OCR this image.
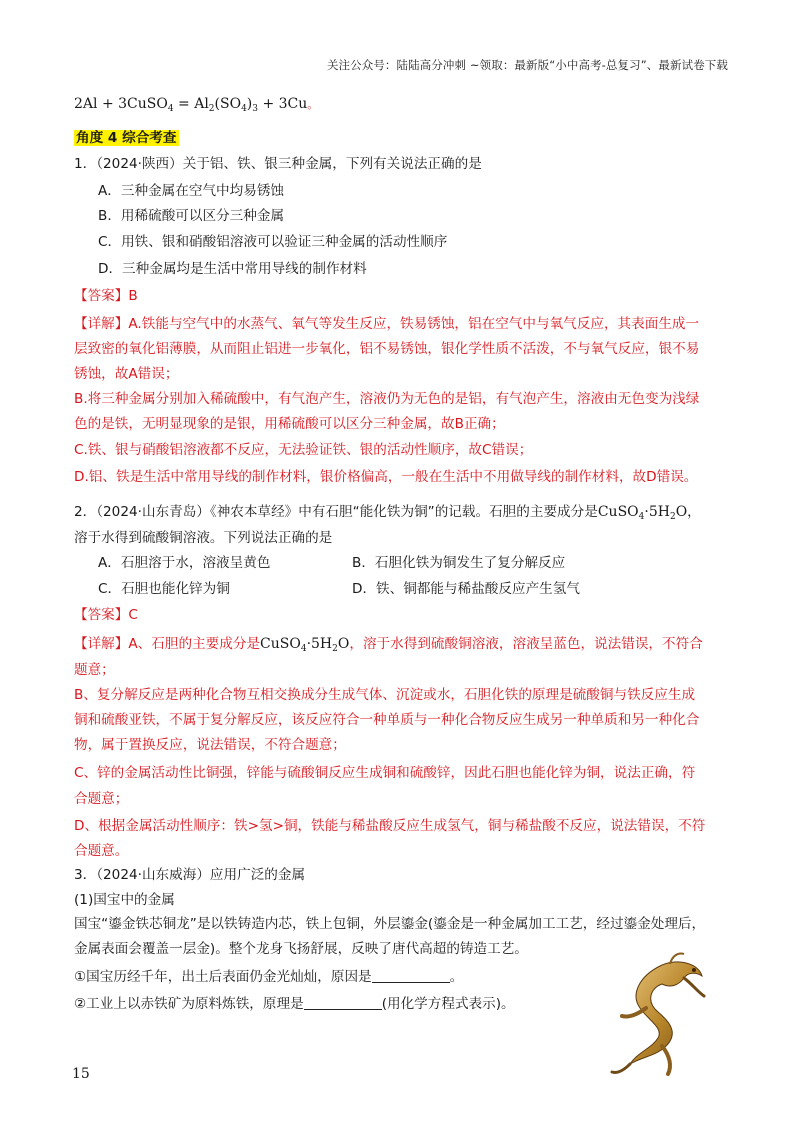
关注公众号：陆陆高分冲刺 ~领取：最新版“小中高考-总复习”、最新试卷下载
2Al + 3CuSO$_4$ = $Al_2(SO_4)_3 + 3Cu$。
角度 4 综合考查
1．（2024·陕西）关于铝、铁、银三种金属，下列有关说法正确的是
A．三种金属在空气中均易锈蚀
B．用稀硫酸可以区分三种金属
C．用铁、银和硝酸铝溶液可以验证三种金属的活动性顺序
D．三种金属均是生活中常用导线的制作材料
【答案】B
【详解】A.铁能与空气中的水蒸气、氧气等发生反应，铁易锈蚀，铝在空气中与氧气反应，其表面生成一
层致密的氧化铝薄膜，从而阻止铝进一步氧化，铝不易锈蚀，银化学性质不活泼，不与氧气反应，银不易
锈蚀，故A错误；
B.将三种金属分别加入稀硫酸中，有气泡产生，溶液仍为无色的是铝，有气泡产生，溶液由无色变为浅绿
色的是铁，无明显现象的是银，用稀硫酸可以区分三种金属，故B正确；
C.铁、银与硝酸铝溶液都不反应，无法验证铁、银的活动性顺序，故C错误；
D.铝、铁是生活中常用导线的制作材料，银价格偏高，一般在生活中不用做导线的制作材料，故D错误。
2．（2024·山东青岛）《神农本草经》中有石胆“能化铁为铜”的记载。石胆的主要成分是$CuSO_4\cdot 5H_2O$，
溶于水得到硫酸铜溶液。下列说法正确的是
A．石胆溶于水，溶液呈黄色	B．石胆化铁为铜发生了复分解反应
C．石胆也能化锌为铜	D．铁、铜都能与稀盐酸反应产生氢气
【答案】C
【详解】A、石胆的主要成分是$CuSO_4\cdot 5H_2O$，溶于水得到硫酸铜溶液，溶液呈蓝色，说法错误，不符合
题意；
B、复分解反应是两种化合物互相交换成分生成气体、沉淀或水，石胆化铁的原理是硫酸铜与铁反应生成
铜和硫酸亚铁，不属于复分解反应，该反应符合一种单质与一种化合物反应生成另一种单质和另一种化合
物，属于置换反应，说法错误，不符合题意；
C、锌的金属活动性比铜强，锌能与硫酸铜反应生成铜和硫酸锌，因此石胆也能化锌为铜，说法正确，符
合题意；
D、根据金属活动性顺序：铁>氢>铜，铁能与稀盐酸反应生成氢气，铜与稀盐酸不反应，说法错误，不符
合题意。
3．（2024·山东威海）应用广泛的金属
(1)国宝中的金属
国宝“鎏金铁芯铜龙”是以铁铸造内芯，铁上包铜，外层鎏金(鎏金是一种金属加工工艺，经过鎏金处理后，
金属表面会覆盖一层金)。整个龙身飞扬舒展，反映了唐代高超的铸造工艺。
①国宝历经千年，出土后表面仍金光灿灿，原因是	。
②工业上以赤铁矿为原料炼铁，原理是	(用化学方程式表示)。
15
